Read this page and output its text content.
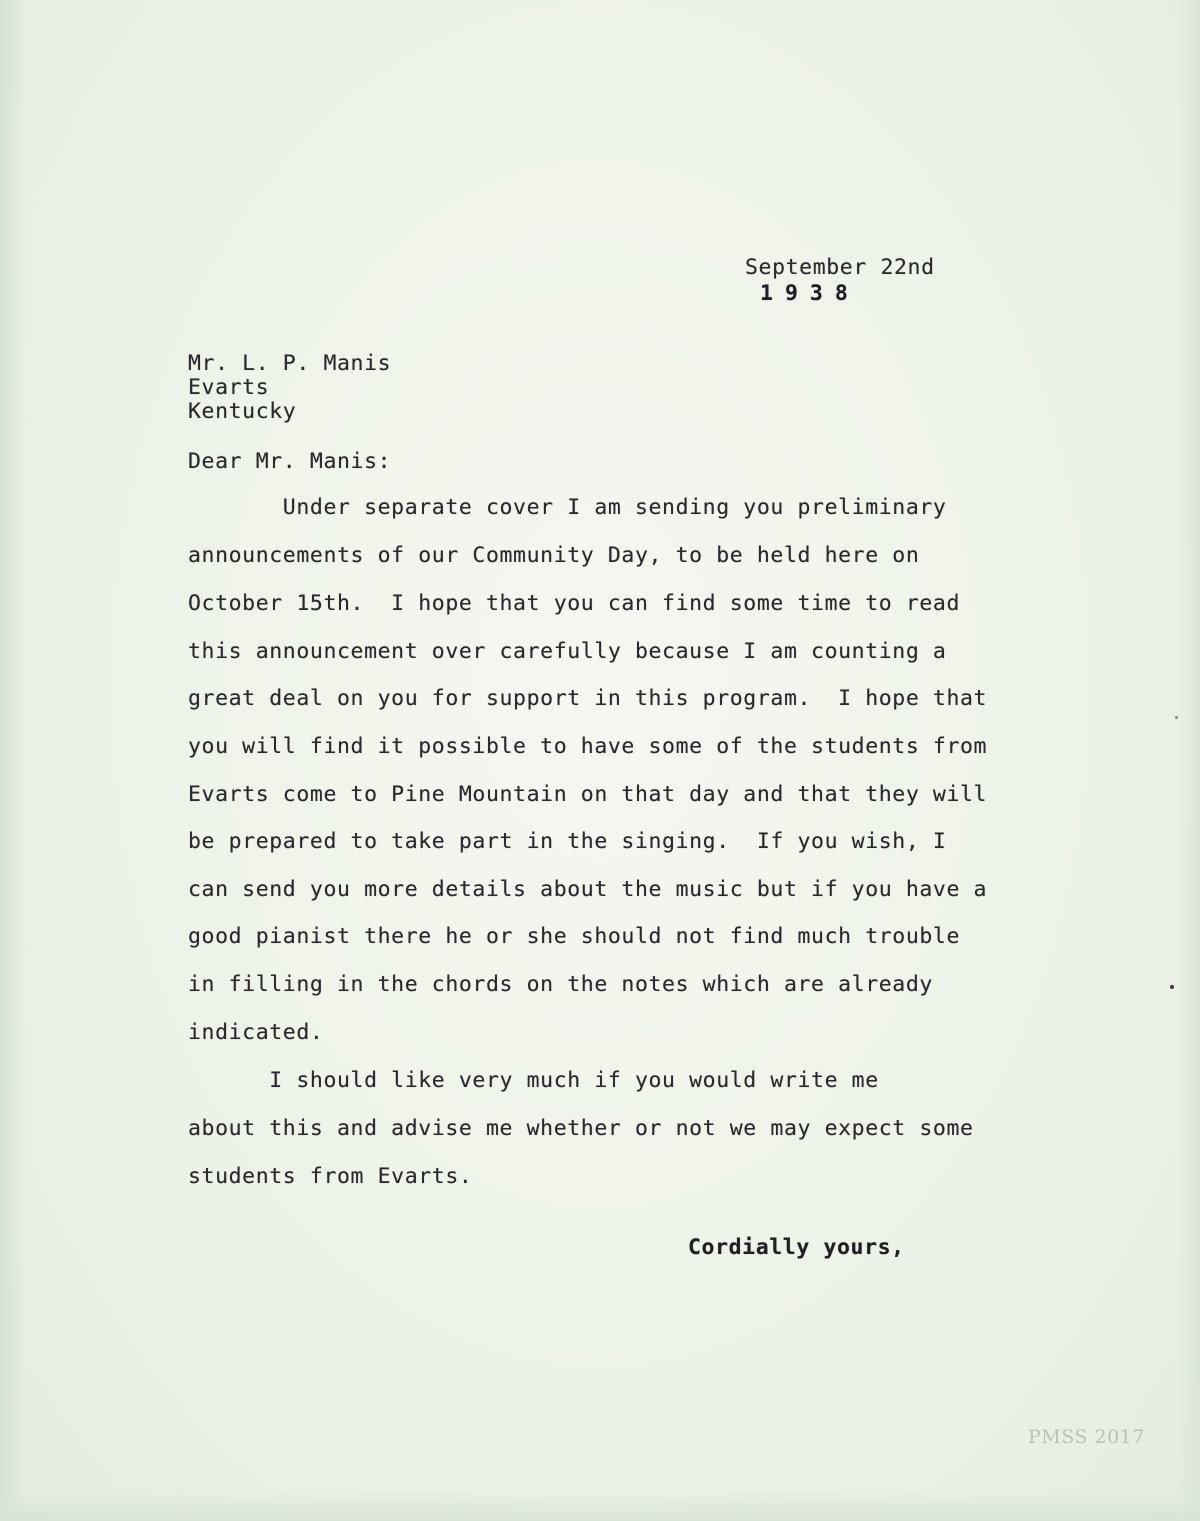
September 22nd
1938
Mr. L. P. Manis
Evarts
Kentucky
Dear Mr. Manis:
Under separate cover I am sending you preliminary
announcements of our Community Day, to be held here on
October 15th.  I hope that you can find some time to read
this announcement over carefully because I am counting a
great deal on you for support in this program.  I hope that
you will find it possible to have some of the students from
Evarts come to Pine Mountain on that day and that they will
be prepared to take part in the singing.  If you wish, I
can send you more details about the music but if you have a
good pianist there he or she should not find much trouble
in filling in the chords on the notes which are already
indicated.
I should like very much if you would write me
about this and advise me whether or not we may expect some
students from Evarts.
Cordially yours,
PMSS 2017
